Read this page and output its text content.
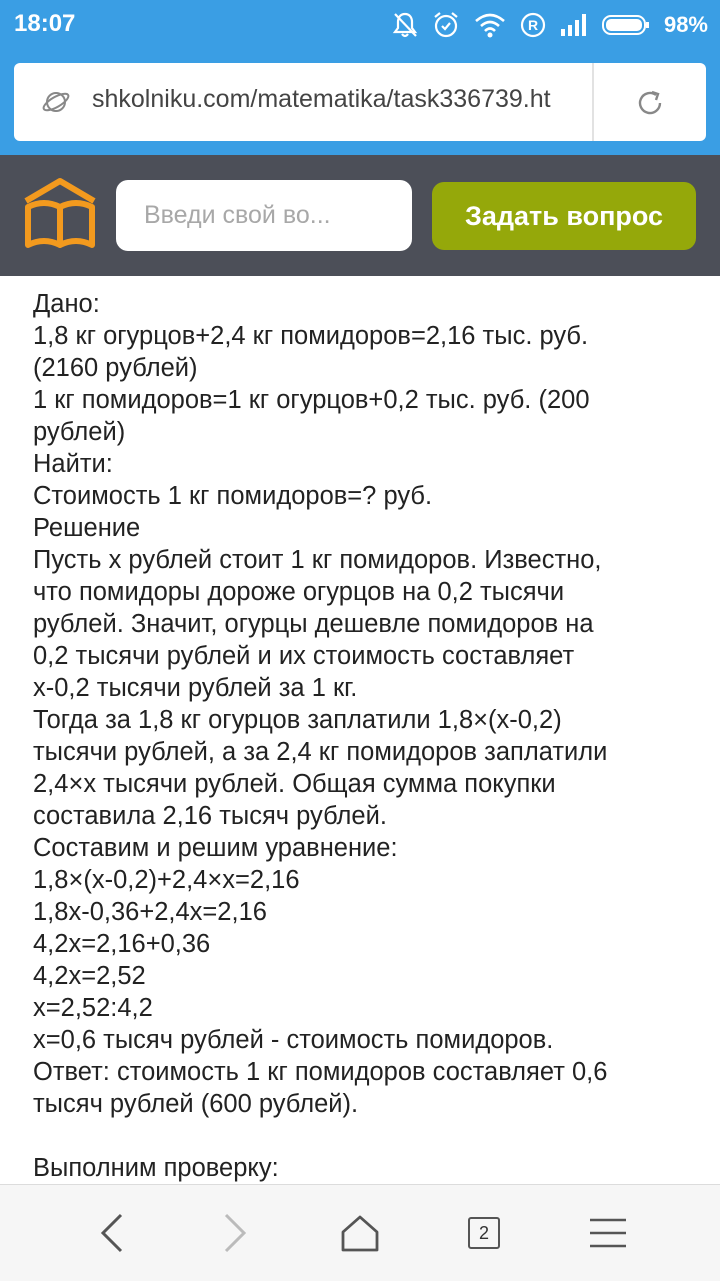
18:07	R	98%
shkolniku.com/matematika/task336739.ht
Введи свой во...
Задать вопрос
Дано:
1,8 кг огурцов+2,4 кг помидоров=2,16 тыс. руб.
(2160 рублей)
1 кг помидоров=1 кг огурцов+0,2 тыс. руб. (200
рублей)
Найти:
Стоимость 1 кг помидоров=? руб.
Решение
Пусть х рублей стоит 1 кг помидоров. Известно,
что помидоры дороже огурцов на 0,2 тысячи
рублей. Значит, огурцы дешевле помидоров на
0,2 тысячи рублей и их стоимость составляет
х-0,2 тысячи рублей за 1 кг.
Тогда за 1,8 кг огурцов заплатили 1,8×(х-0,2)
тысячи рублей, а за 2,4 кг помидоров заплатили
2,4×х тысячи рублей. Общая сумма покупки
составила 2,16 тысяч рублей.
Составим и решим уравнение:
1,8×(х-0,2)+2,4×х=2,16
1,8х-0,36+2,4х=2,16
4,2х=2,16+0,36
4,2х=2,52
х=2,52:4,2
х=0,6 тысяч рублей - стоимость помидоров.
Ответ: стоимость 1 кг помидоров составляет 0,6
тысяч рублей (600 рублей).
Выполним проверку:
2
